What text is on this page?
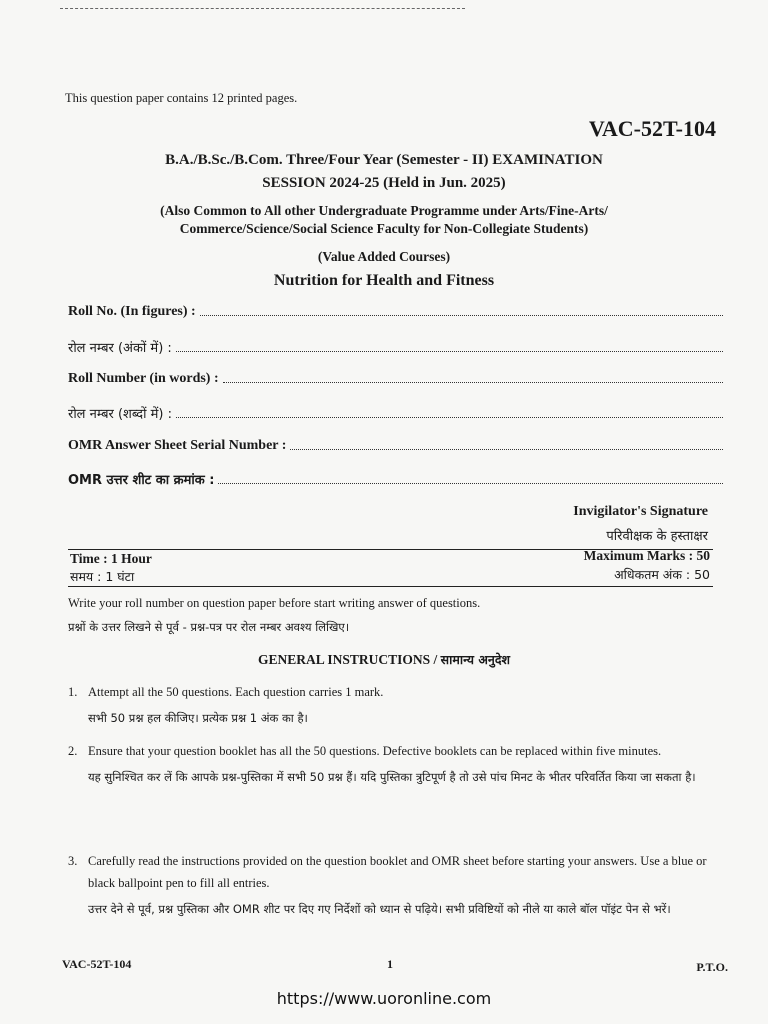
This question paper contains 12 printed pages.
VAC-52T-104
B.A./B.Sc./B.Com. Three/Four Year (Semester - II) EXAMINATION
SESSION 2024-25 (Held in Jun. 2025)
(Also Common to All other Undergraduate Programme under Arts/Fine-Arts/
Commerce/Science/Social Science Faculty for Non-Collegiate Students)
(Value Added Courses)
Nutrition for Health and Fitness
Roll No. (In figures) :
रोल नम्बर (अंकों में) :
Roll Number (in words) :
रोल नम्बर (शब्दों में) :
OMR Answer Sheet Serial Number :
OMR उत्तर शीट का क्रमांक :
Invigilator's Signature
परिवीक्षक के हस्ताक्षर
Time : 1 Hour
समय : 1 घंटा
Maximum Marks : 50
अधिकतम अंक : 50
Write your roll number on question paper before start writing answer of questions.
प्रश्नों के उत्तर लिखने से पूर्व - प्रश्न-पत्र पर रोल नम्बर अवश्य लिखिए।
GENERAL INSTRUCTIONS / सामान्य अनुदेश
1. Attempt all the 50 questions. Each question carries 1 mark.
सभी 50 प्रश्न हल कीजिए। प्रत्येक प्रश्न 1 अंक का है।
2. Ensure that your question booklet has all the 50 questions. Defective booklets can be replaced within five minutes.
यह सुनिश्चित कर लें कि आपके प्रश्न-पुस्तिका में सभी 50 प्रश्न हैं। यदि पुस्तिका त्रुटिपूर्ण है तो उसे पांच मिनट के भीतर परिवर्तित किया जा सकता है।
3. Carefully read the instructions provided on the question booklet and OMR sheet before starting your answers. Use a blue or black ballpoint pen to fill all entries.
उत्तर देने से पूर्व, प्रश्न पुस्तिका और OMR शीट पर दिए गए निर्देशों को ध्यान से पढ़िये। सभी प्रविष्टियों को नीले या काले बॉल पॉइंट पेन से भरें।
VAC-52T-104	1	P.T.O.
https://www.uoronline.com
